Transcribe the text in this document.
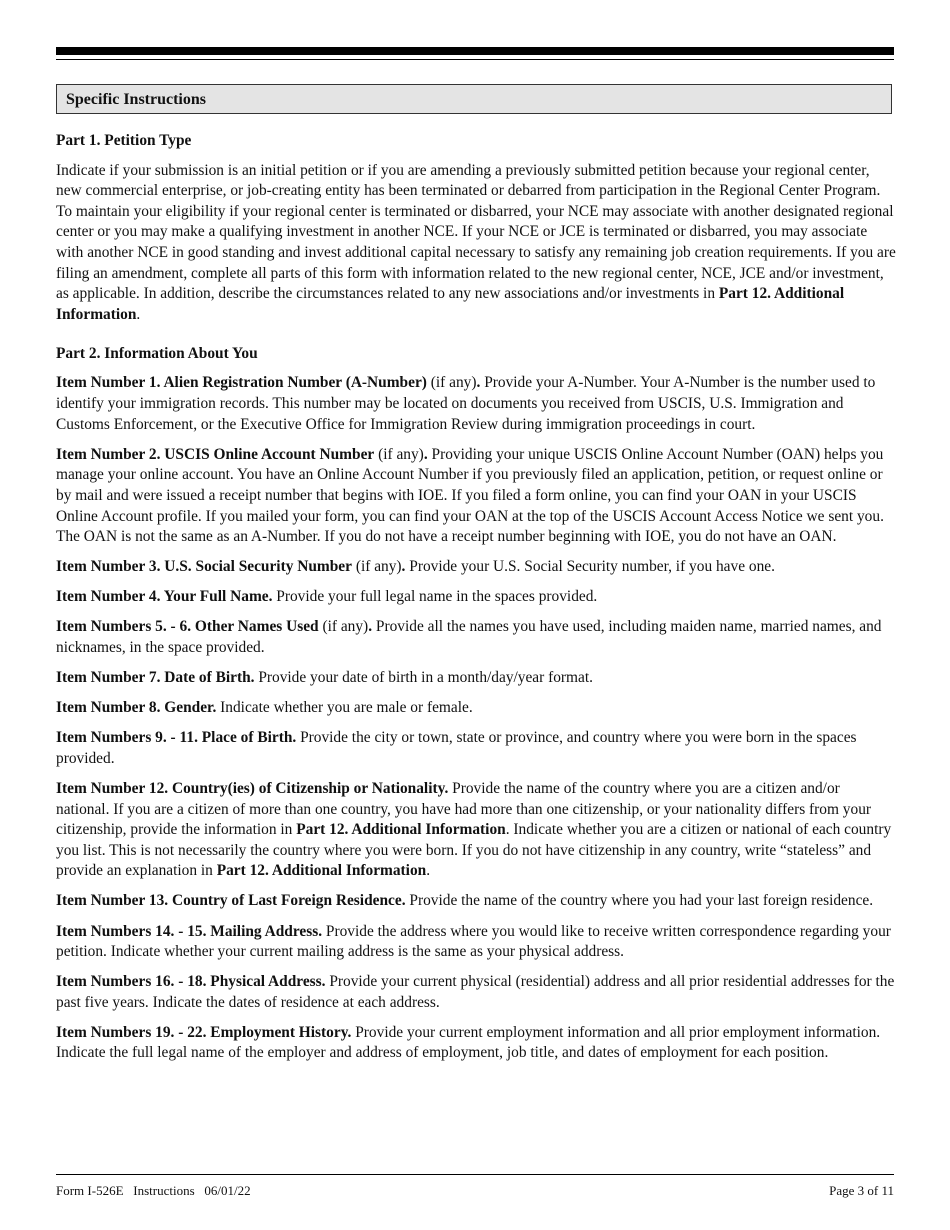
Specific Instructions

Part 1. Petition Type

Indicate if your submission is an initial petition or if you are amending a previously submitted petition because your regional center, new commercial enterprise, or job-creating entity has been terminated or debarred from participation in the Regional Center Program. To maintain your eligibility if your regional center is terminated or disbarred, your NCE may associate with another designated regional center or you may make a qualifying investment in another NCE. If your NCE or JCE is terminated or disbarred, you may associate with another NCE in good standing and invest additional capital necessary to satisfy any remaining job creation requirements. If you are filing an amendment, complete all parts of this form with information related to the new regional center, NCE, JCE and/or investment, as applicable. In addition, describe the circumstances related to any new associations and/or investments in Part 12. Additional Information.

Part 2. Information About You

Item Number 1. Alien Registration Number (A-Number) (if any). Provide your A-Number. Your A-Number is the number used to identify your immigration records. This number may be located on documents you received from USCIS, U.S. Immigration and Customs Enforcement, or the Executive Office for Immigration Review during immigration proceedings in court.

Item Number 2. USCIS Online Account Number (if any). Providing your unique USCIS Online Account Number (OAN) helps you manage your online account. You have an Online Account Number if you previously filed an application, petition, or request online or by mail and were issued a receipt number that begins with IOE. If you filed a form online, you can find your OAN in your USCIS Online Account profile. If you mailed your form, you can find your OAN at the top of the USCIS Account Access Notice we sent you. The OAN is not the same as an A-Number. If you do not have a receipt number beginning with IOE, you do not have an OAN.

Item Number 3. U.S. Social Security Number (if any). Provide your U.S. Social Security number, if you have one.

Item Number 4. Your Full Name. Provide your full legal name in the spaces provided.

Item Numbers 5. - 6. Other Names Used (if any). Provide all the names you have used, including maiden name, married names, and nicknames, in the space provided.

Item Number 7. Date of Birth. Provide your date of birth in a month/day/year format.

Item Number 8. Gender. Indicate whether you are male or female.

Item Numbers 9. - 11. Place of Birth. Provide the city or town, state or province, and country where you were born in the spaces provided.

Item Number 12. Country(ies) of Citizenship or Nationality. Provide the name of the country where you are a citizen and/or national. If you are a citizen of more than one country, you have had more than one citizenship, or your nationality differs from your citizenship, provide the information in Part 12. Additional Information. Indicate whether you are a citizen or national of each country you list. This is not necessarily the country where you were born. If you do not have citizenship in any country, write “stateless” and provide an explanation in Part 12. Additional Information.

Item Number 13. Country of Last Foreign Residence. Provide the name of the country where you had your last foreign residence.

Item Numbers 14. - 15. Mailing Address. Provide the address where you would like to receive written correspondence regarding your petition. Indicate whether your current mailing address is the same as your physical address.

Item Numbers 16. - 18. Physical Address. Provide your current physical (residential) address and all prior residential addresses for the past five years. Indicate the dates of residence at each address.

Item Numbers 19. - 22. Employment History. Provide your current employment information and all prior employment information. Indicate the full legal name of the employer and address of employment, job title, and dates of employment for each position.

Form I-526E   Instructions   06/01/22	Page 3 of 11
